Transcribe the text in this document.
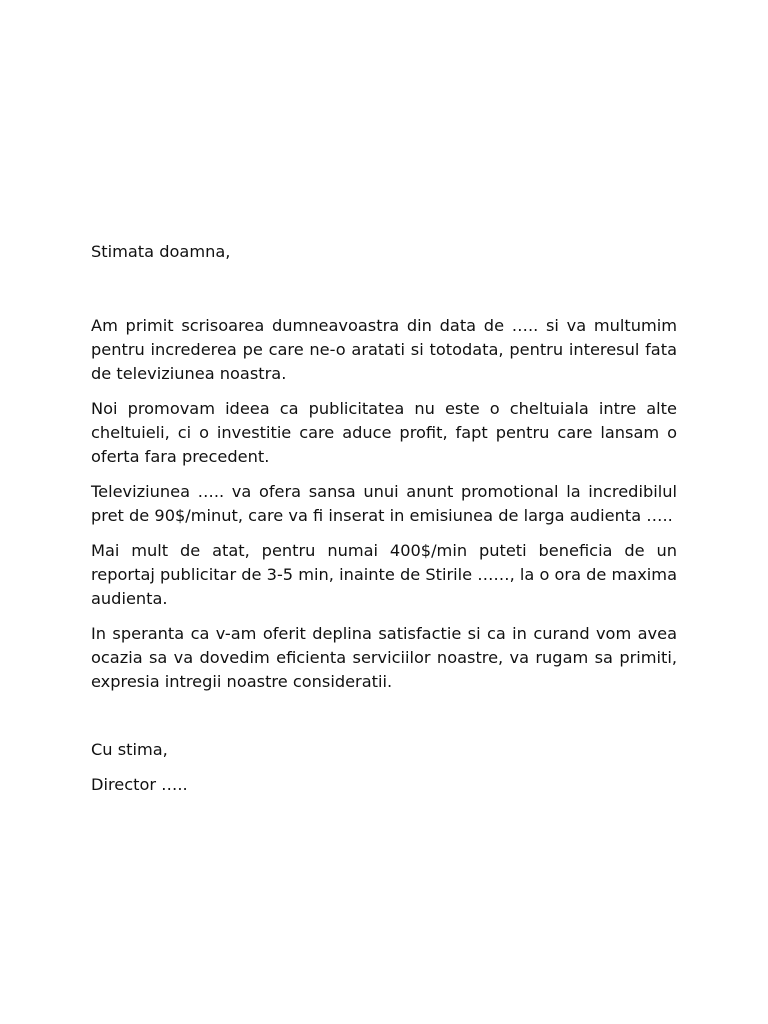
Stimata doamna,

Am primit scrisoarea dumneavoastra din data de ….. si va multumim pentru increderea pe care ne-o aratati si totodata, pentru interesul fata de televiziunea noastra.

Noi promovam ideea ca publicitatea nu este o cheltuiala intre alte cheltuieli, ci o investitie care aduce profit, fapt pentru care lansam o oferta fara precedent.

Televiziunea ….. va ofera sansa unui anunt promotional la incredibilul pret de 90$/minut, care va fi inserat in emisiunea de larga audienta …..

Mai mult de atat, pentru numai 400$/min puteti beneficia de un reportaj publicitar de 3-5 min, inainte de Stirile ……, la o ora de maxima audienta.

In speranta ca v-am oferit deplina satisfactie si ca in curand vom avea ocazia sa va dovedim eficienta serviciilor noastre, va rugam sa primiti, expresia intregii noastre consideratii.

Cu stima,

Director …..
